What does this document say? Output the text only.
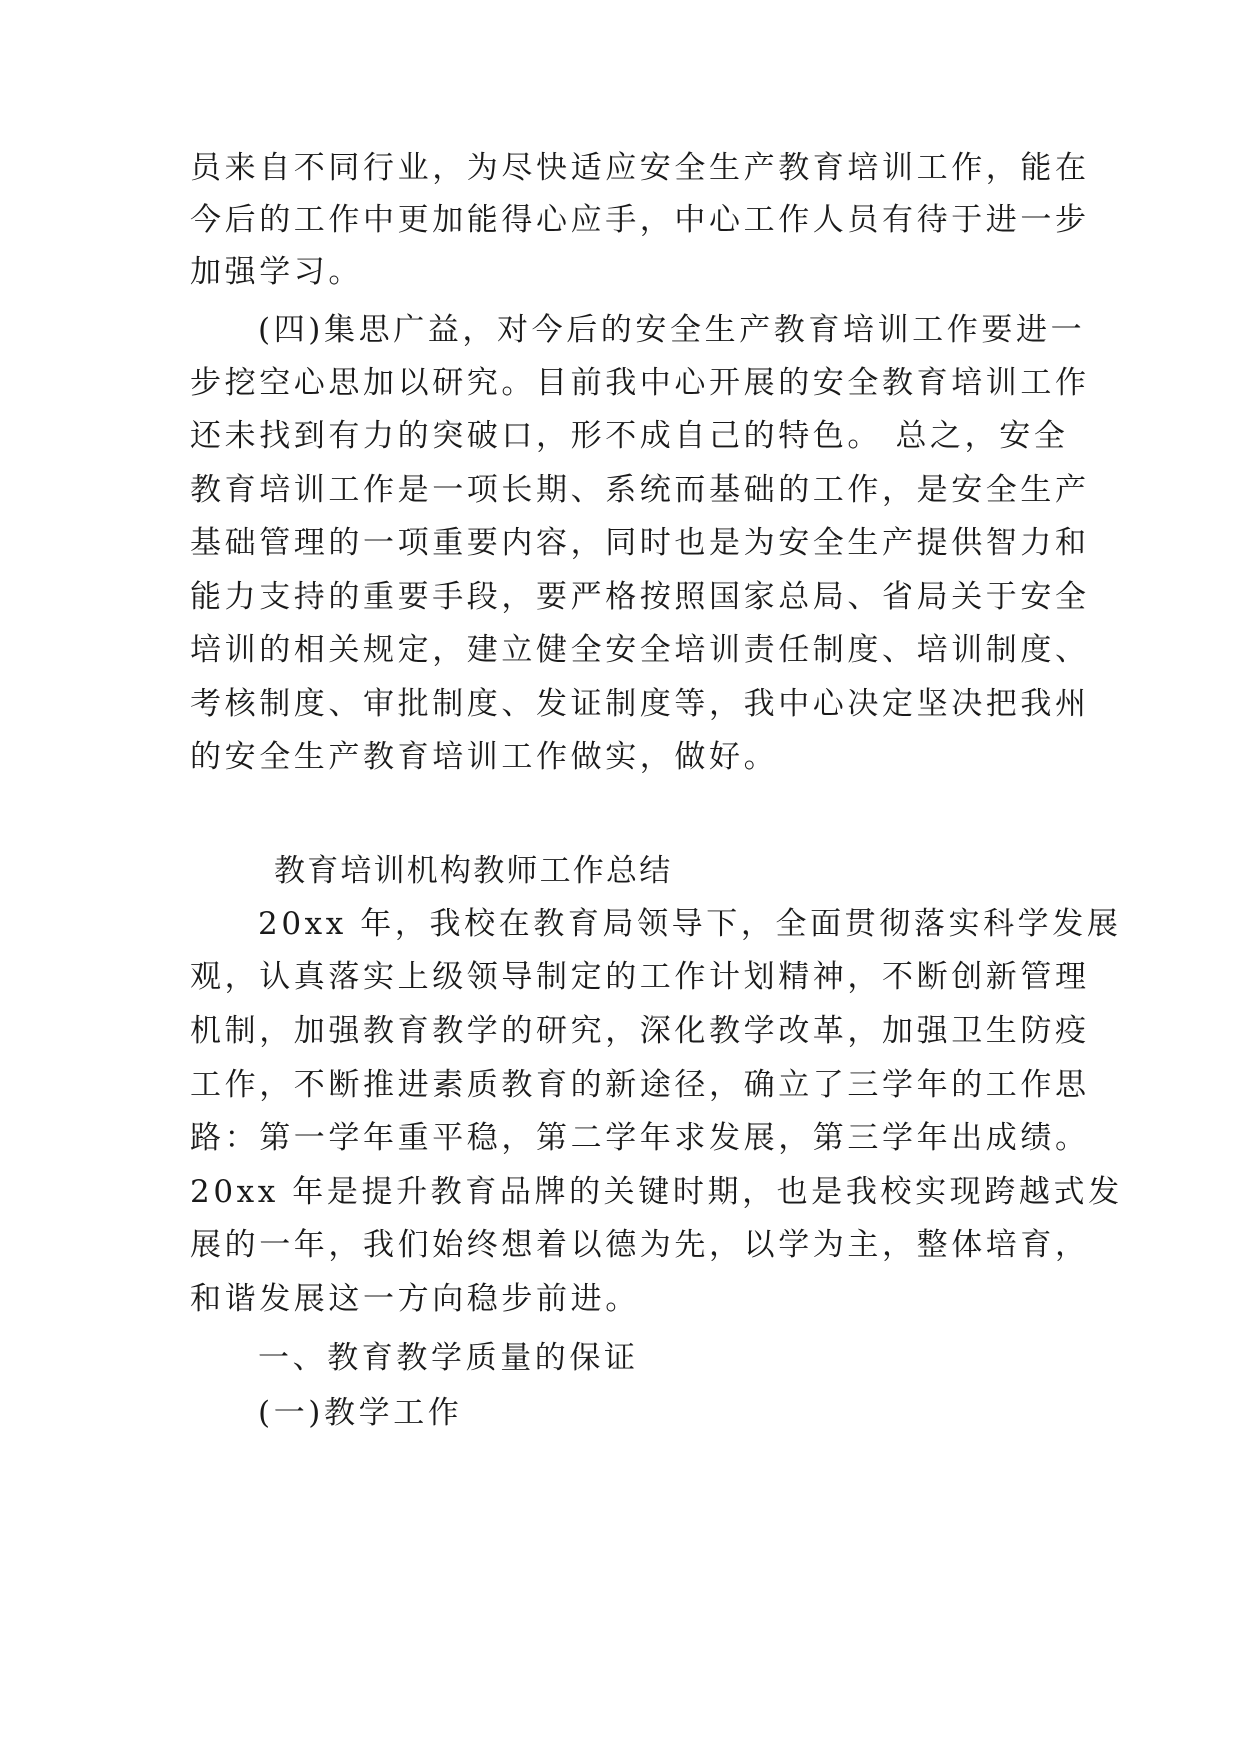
员来自不同行业，为尽快适应安全生产教育培训工作，能在
今后的工作中更加能得心应手，中心工作人员有待于进一步
加强学习。
(四)集思广益，对今后的安全生产教育培训工作要进一
步挖空心思加以研究。目前我中心开展的安全教育培训工作
还未找到有力的突破口，形不成自己的特色。 总之，安全
教育培训工作是一项长期、系统而基础的工作，是安全生产
基础管理的一项重要内容，同时也是为安全生产提供智力和
能力支持的重要手段，要严格按照国家总局、省局关于安全
培训的相关规定，建立健全安全培训责任制度、培训制度、
考核制度、审批制度、发证制度等，我中心决定坚决把我州
的安全生产教育培训工作做实，做好。
教育培训机构教师工作总结
20xx 年，我校在教育局领导下，全面贯彻落实科学发展
观，认真落实上级领导制定的工作计划精神，不断创新管理
机制，加强教育教学的研究，深化教学改革，加强卫生防疫
工作，不断推进素质教育的新途径，确立了三学年的工作思
路：第一学年重平稳，第二学年求发展，第三学年出成绩。
20xx 年是提升教育品牌的关键时期，也是我校实现跨越式发
展的一年，我们始终想着以德为先，以学为主，整体培育，
和谐发展这一方向稳步前进。
一、教育教学质量的保证
(一)教学工作
